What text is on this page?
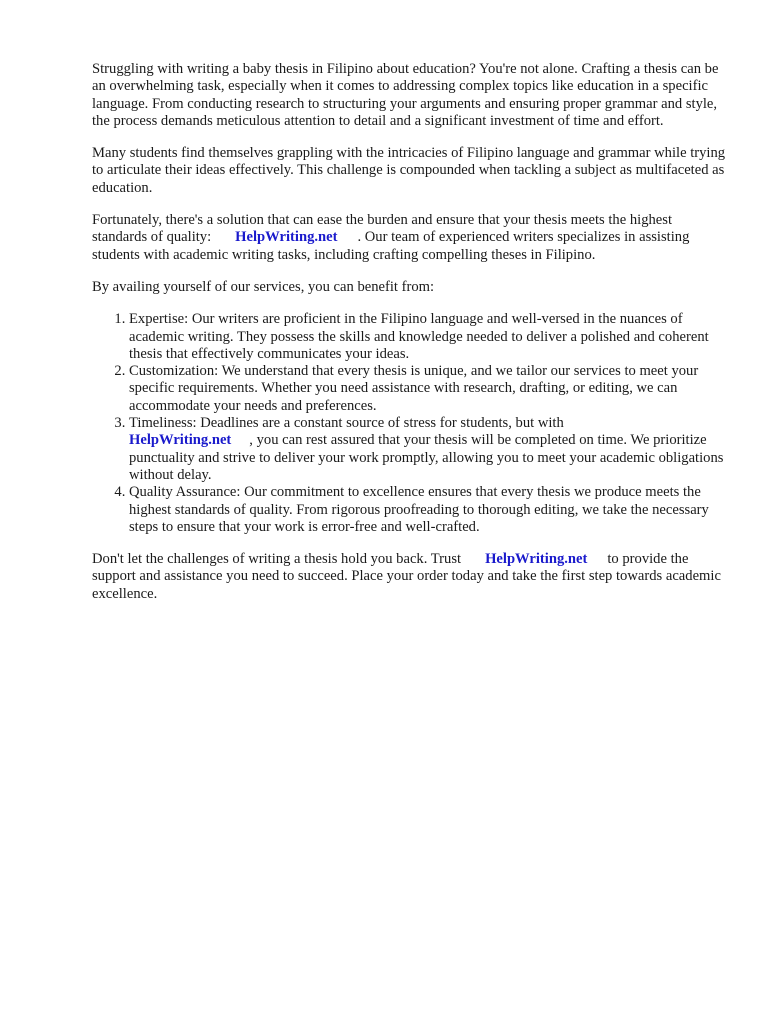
Struggling with writing a baby thesis in Filipino about education? You're not alone. Crafting a thesis can be an overwhelming task, especially when it comes to addressing complex topics like education in a specific language. From conducting research to structuring your arguments and ensuring proper grammar and style, the process demands meticulous attention to detail and a significant investment of time and effort.

Many students find themselves grappling with the intricacies of Filipino language and grammar while trying to articulate their ideas effectively. This challenge is compounded when tackling a subject as multifaceted as education.

Fortunately, there's a solution that can ease the burden and ensure that your thesis meets the highest standards of quality: HelpWriting.net . Our team of experienced writers specializes in assisting students with academic writing tasks, including crafting compelling theses in Filipino.

By availing yourself of our services, you can benefit from:

1. Expertise: Our writers are proficient in the Filipino language and well-versed in the nuances of academic writing. They possess the skills and knowledge needed to deliver a polished and coherent thesis that effectively communicates your ideas.
2. Customization: We understand that every thesis is unique, and we tailor our services to meet your specific requirements. Whether you need assistance with research, drafting, or editing, we can accommodate your needs and preferences.
3. Timeliness: Deadlines are a constant source of stress for students, but with
HelpWriting.net , you can rest assured that your thesis will be completed on time. We prioritize punctuality and strive to deliver your work promptly, allowing you to meet your academic obligations without delay.
4. Quality Assurance: Our commitment to excellence ensures that every thesis we produce meets the highest standards of quality. From rigorous proofreading to thorough editing, we take the necessary steps to ensure that your work is error-free and well-crafted.

Don't let the challenges of writing a thesis hold you back. Trust HelpWriting.net to provide the support and assistance you need to succeed. Place your order today and take the first step towards academic excellence.
